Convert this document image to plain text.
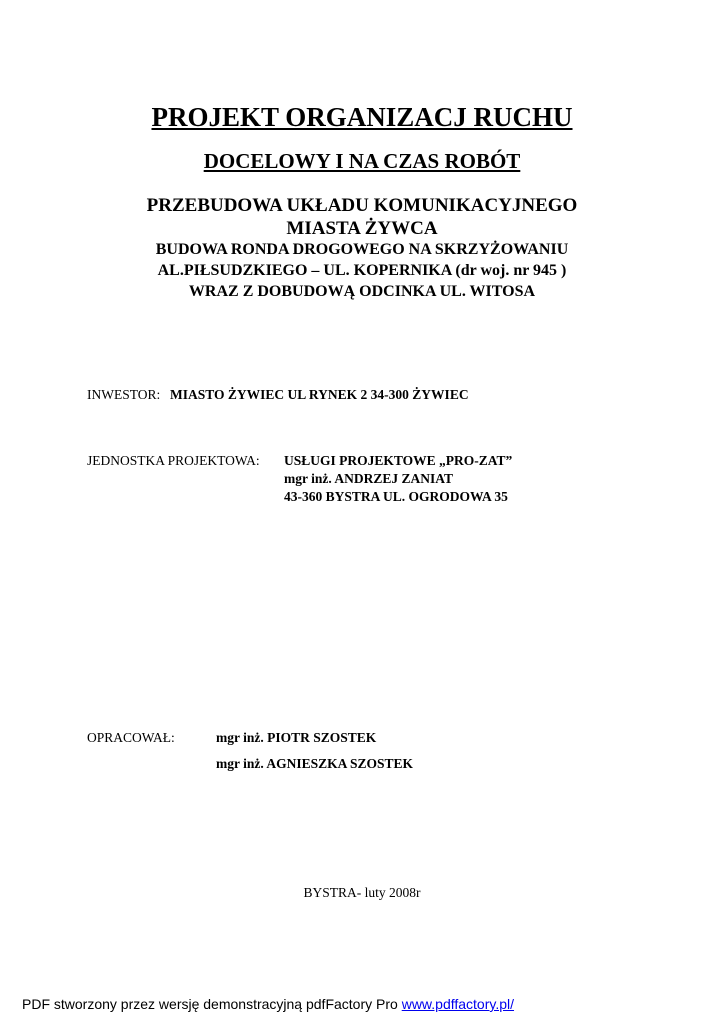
PROJEKT ORGANIZACJ RUCHU
DOCELOWY I NA CZAS ROBÓT
PRZEBUDOWA UKŁADU KOMUNIKACYJNEGO
MIASTA ŻYWCA
BUDOWA RONDA DROGOWEGO NA SKRZYŻOWANIU
AL.PIŁSUDZKIEGO – UL. KOPERNIKA (dr woj. nr 945 )
WRAZ Z DOBUDOWĄ ODCINKA UL. WITOSA
INWESTOR: MIASTO ŻYWIEC UL RYNEK 2 34-300 ŻYWIEC
JEDNOSTKA PROJEKTOWA: USŁUGI PROJEKTOWE „PRO-ZAT”
mgr inż. ANDRZEJ ZANIAT
43-360 BYSTRA UL. OGRODOWA 35
OPRACOWAŁ:	mgr inż. PIOTR SZOSTEK
mgr inż. AGNIESZKA SZOSTEK
BYSTRA- luty 2008r
PDF stworzony przez wersję demonstracyjną pdfFactory Pro www.pdffactory.pl/
